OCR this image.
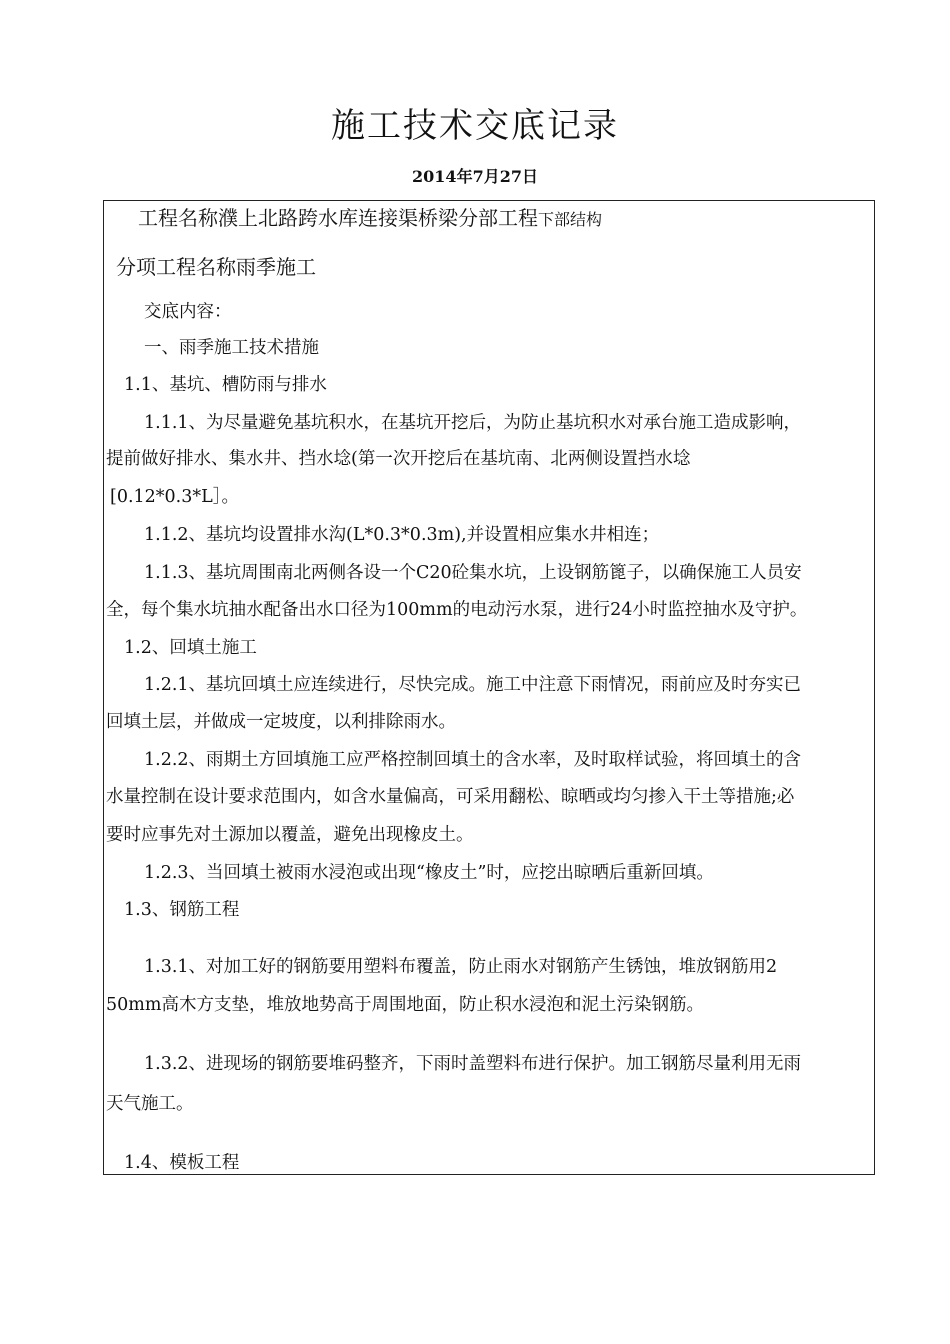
施工技术交底记录
2014年7月27日
工程名称濮上北路跨水库连接渠桥梁分部工程下部结构
分项工程名称雨季施工
交底内容：
一、雨季施工技术措施
1.1、基坑、槽防雨与排水
1.1.1、为尽量避免基坑积水，在基坑开挖后，为防止基坑积水对承台施工造成影响，
提前做好排水、集水井、挡水埝(第一次开挖后在基坑南、北两侧设置挡水埝
[0.12*0.3*L］。
1.1.2、基坑均设置排水沟(L*0.3*0.3m),并设置相应集水井相连；
1.1.3、基坑周围南北两侧各设一个C20砼集水坑，上设钢筋篦子，以确保施工人员安
全，每个集水坑抽水配备出水口径为100mm的电动污水泵，进行24小时监控抽水及守护。
1.2、回填土施工
1.2.1、基坑回填土应连续进行，尽快完成。施工中注意下雨情况，雨前应及时夯实已
回填土层，并做成一定坡度，以利排除雨水。
1.2.2、雨期土方回填施工应严格控制回填土的含水率，及时取样试验，将回填土的含
水量控制在设计要求范围内，如含水量偏高，可采用翻松、晾晒或均匀掺入干土等措施;必
要时应事先对土源加以覆盖，避免出现橡皮土。
1.2.3、当回填土被雨水浸泡或出现“橡皮土”时，应挖出晾晒后重新回填。
1.3、钢筋工程
1.3.1、对加工好的钢筋要用塑料布覆盖，防止雨水对钢筋产生锈蚀，堆放钢筋用2
50mm高木方支垫，堆放地势高于周围地面，防止积水浸泡和泥土污染钢筋。
1.3.2、进现场的钢筋要堆码整齐，下雨时盖塑料布进行保护。加工钢筋尽量利用无雨
天气施工。
1.4、模板工程
